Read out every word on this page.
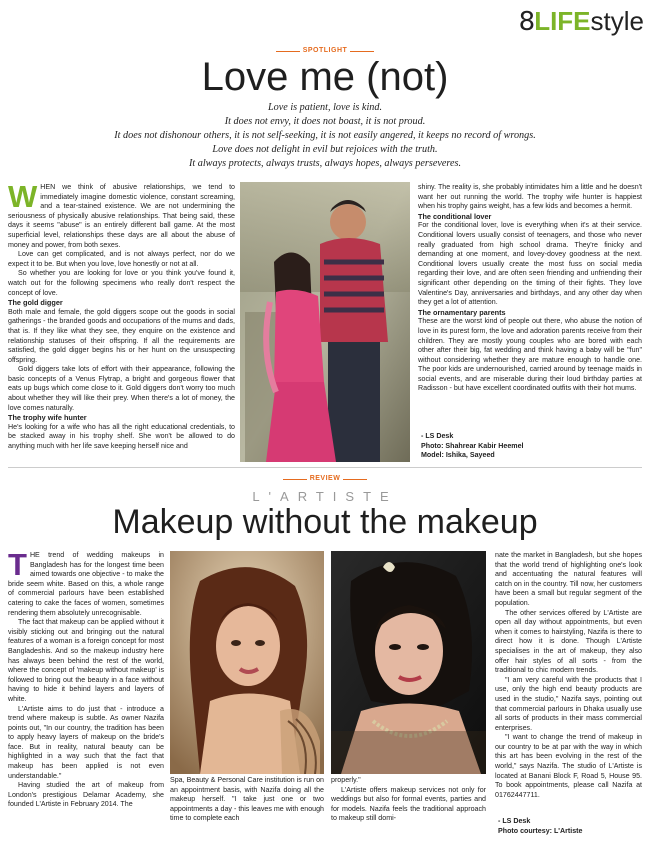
8 LIFE style
SPOTLIGHT
Love me (not)
Love is patient, love is kind.
It does not envy, it does not boast, it is not proud.
It does not dishonour others, it is not self-seeking, it is not easily angered, it keeps no record of wrongs.
Love does not delight in evil but rejoices with the truth.
It always protects, always trusts, always hopes, always perseveres.

WHEN we think of abusive relationships, we tend to immediately imagine domestic violence, constant screaming, and a tear-stained existence. We are not undermining the seriousness of physically abusive relationships. That being said, these days it seems "abuse" is an entirely different ball game. At the most superficial level, relationships these days are all about the abuse of money and power, from both sexes.

Love can get complicated, and is not always perfect, nor do we expect it to be. But when you love, love honestly or not at all.

So whether you are looking for love or you think you've found it, watch out for the following specimens who really don't respect the concept of love.

The gold digger

Both male and female, the gold diggers scope out the goods in social gatherings - the branded goods and occupations of the mums and dads, that is. If they like what they see, they enquire on the existence and relationship statuses of their offspring. If all the requirements are satisfied, the gold digger begins his or her hunt on the unsuspecting offspring.

Gold diggers take lots of effort with their appearance, following the basic concepts of a Venus Flytrap, a bright and gorgeous flower that eats up bugs which come close to it. Gold diggers don't worry too much about whether they will like their prey. When there's a lot of money, the love comes naturally.

The trophy wife hunter

He's looking for a wife who has all the right educational credentials, to be stacked away in his trophy shelf. She won't be allowed to do anything much with her life save keeping herself nice and

shiny. The reality is, she probably intimidates him a little and he doesn't want her out running the world. The trophy wife hunter is happiest when his trophy gains weight, has a few kids and becomes a hermit.

The conditional lover

For the conditional lover, love is everything when it's at their service. Conditional lovers usually consist of teenagers, and those who never really graduated from high school drama. They're finicky and demanding at one moment, and lovey-dovey goodness at the next. Conditional lovers usually create the most fuss on social media regarding their love, and are often seen friending and unfriending their significant other depending on the timing of their fights. They love Valentine's Day, anniversaries and birthdays, and any other day when they get a lot of attention.

The ornamentary parents

These are the worst kind of people out there, who abuse the notion of love in its purest form, the love and adoration parents receive from their children. They are mostly young couples who are bored with each other after their big, fat wedding and think having a baby will be "fun" without considering whether they are mature enough to handle one. The poor kids are undernourished, carried around by teenage maids in social events, and are miserable during their loud birthday parties at Radisson - but have excellent coordinated outfits with their hot mums.

- LS Desk
Photo: Shahrear Kabir Heemel
Model: Ishika, Sayeed
REVIEW
L'ARTISTE
Makeup without the makeup

THE trend of wedding makeups in Bangladesh has for the longest time been aimed towards one objective - to make the bride seem white. Based on this, a whole range of commercial parlours have been established catering to cake the faces of women, sometimes rendering them absolutely unrecognisable.

The fact that makeup can be applied without it visibly sticking out and bringing out the natural features of a woman is a foreign concept for most Bangladeshis. And so the makeup industry here has always been behind the rest of the world, where the concept of 'makeup without makeup' is followed to bring out the beauty in a face without having to hide it behind layers and layers of white.

L'Artiste aims to do just that - introduce a trend where makeup is subtle. As owner Nazifa points out, "In our country, the tradition has been to apply heavy layers of makeup on the bride's face. But in reality, natural beauty can be highlighted in a way such that the fact that makeup has been applied is not even understandable."

Having studied the art of makeup from London's prestigious Delamar Academy, she founded L'Artiste in February 2014. The

Spa, Beauty & Personal Care institution is run on an appointment basis, with Nazifa doing all the makeup herself. "I take just one or two appointments a day - this leaves me with enough time to complete each

properly."

L'Artiste offers makeup services not only for weddings but also for formal events, parties and for models. Nazifa feels the traditional approach to makeup still domi-

nate the market in Bangladesh, but she hopes that the world trend of highlighting one's look and accentuating the natural features will catch on in the country. Till now, her customers have been a small but regular segment of the population.

The other services offered by L'Artiste are open all day without appointments, but even when it comes to hairstyling, Nazifa is there to direct how it is done. Though L'Artiste specialises in the art of makeup, they also offer hair styles of all sorts - from the traditional to chic modern trends.

"I am very careful with the products that I use, only the high end beauty products are used in the studio," Nazifa says, pointing out that commercial parlours in Dhaka usually use all sorts of products in their mass commercial enterprises.

"I want to change the trend of makeup in our country to be at par with the way in which this art has been evolving in the rest of the world," says Nazifa. The studio of L'Artiste is located at Banani Block F, Road 5, House 95. To book appointments, please call Nazifa at 01762447711.

- LS Desk
Photo courtesy: L'Artiste
